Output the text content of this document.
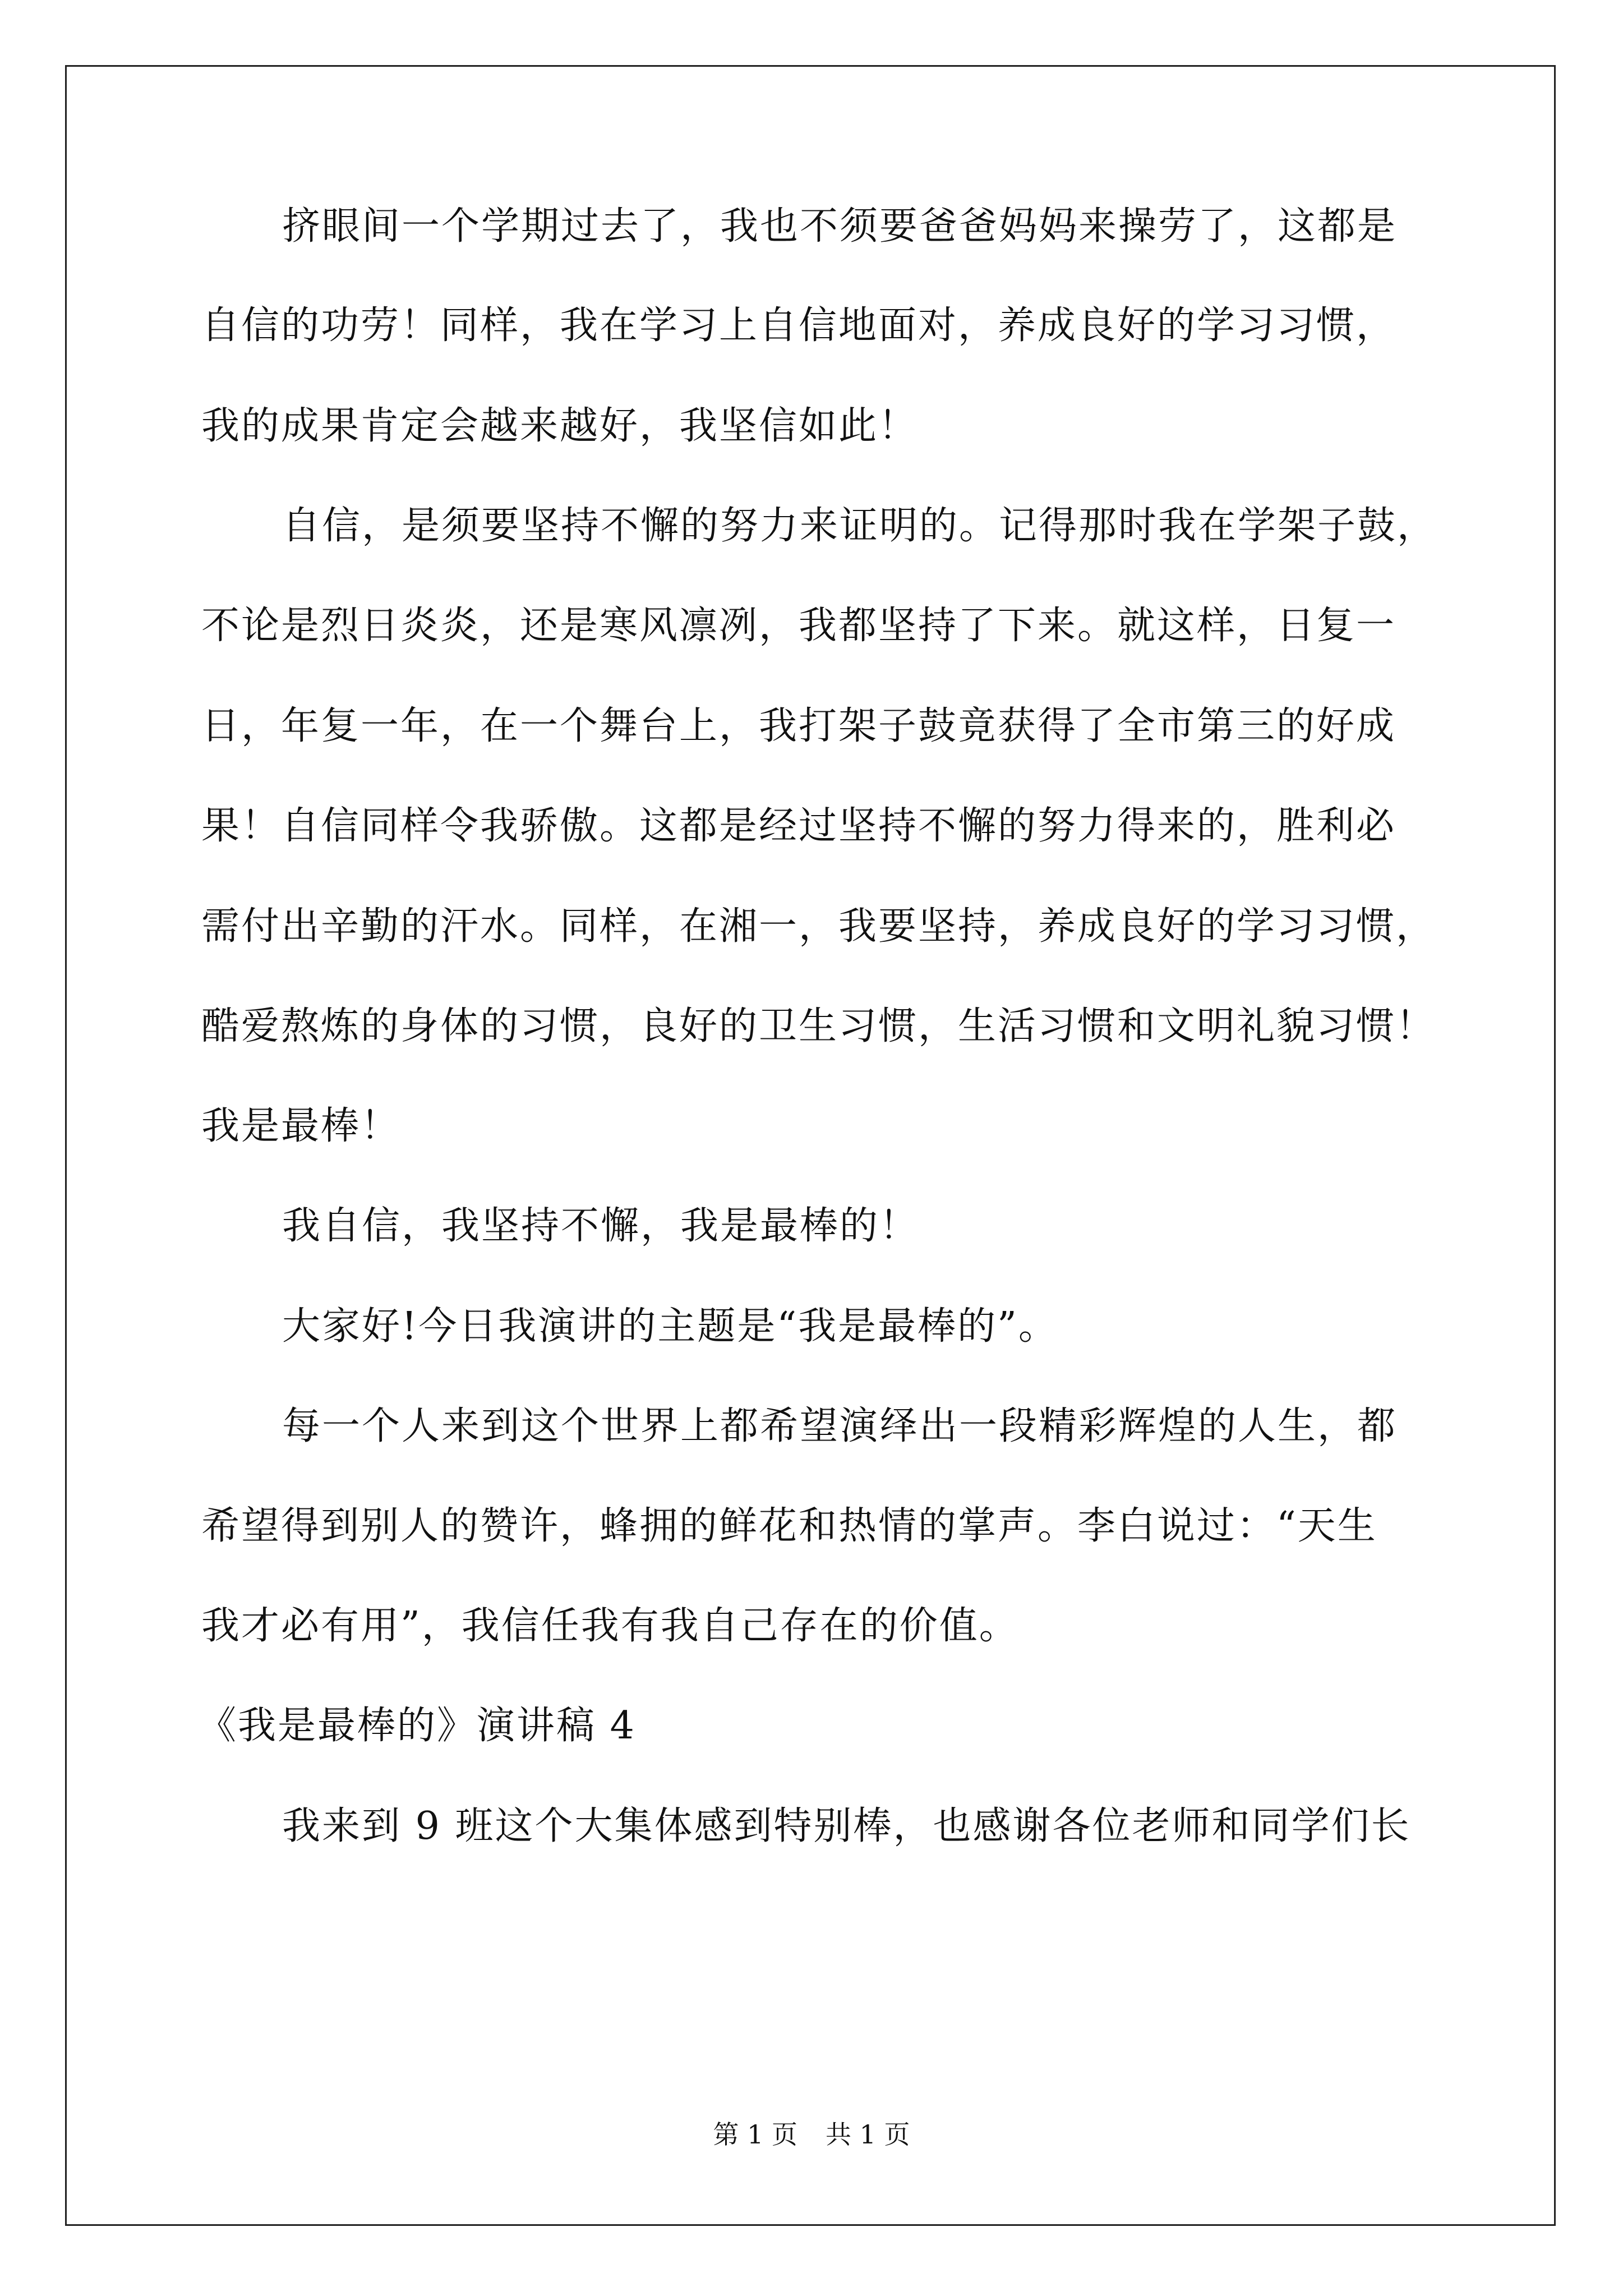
挤眼间一个学期过去了，我也不须要爸爸妈妈来操劳了，这都是
自信的功劳！同样，我在学习上自信地面对，养成良好的学习习惯，
我的成果肯定会越来越好，我坚信如此！
自信，是须要坚持不懈的努力来证明的。记得那时我在学架子鼓，
不论是烈日炎炎，还是寒风凛冽，我都坚持了下来。就这样，日复一
日，年复一年，在一个舞台上，我打架子鼓竟获得了全市第三的好成
果！自信同样令我骄傲。这都是经过坚持不懈的努力得来的，胜利必
需付出辛勤的汗水。同样，在湘一，我要坚持，养成良好的学习习惯，
酷爱熬炼的身体的习惯，良好的卫生习惯，生活习惯和文明礼貌习惯！
我是最棒！
我自信，我坚持不懈，我是最棒的！
大家好!今日我演讲的主题是“我是最棒的”。
每一个人来到这个世界上都希望演绎出一段精彩辉煌的人生，都
希望得到别人的赞许，蜂拥的鲜花和热情的掌声。李白说过：“天生
我才必有用”，我信任我有我自己存在的价值。
《我是最棒的》演讲稿 4
我来到 9 班这个大集体感到特别棒，也感谢各位老师和同学们长
第 1 页 共 1 页
